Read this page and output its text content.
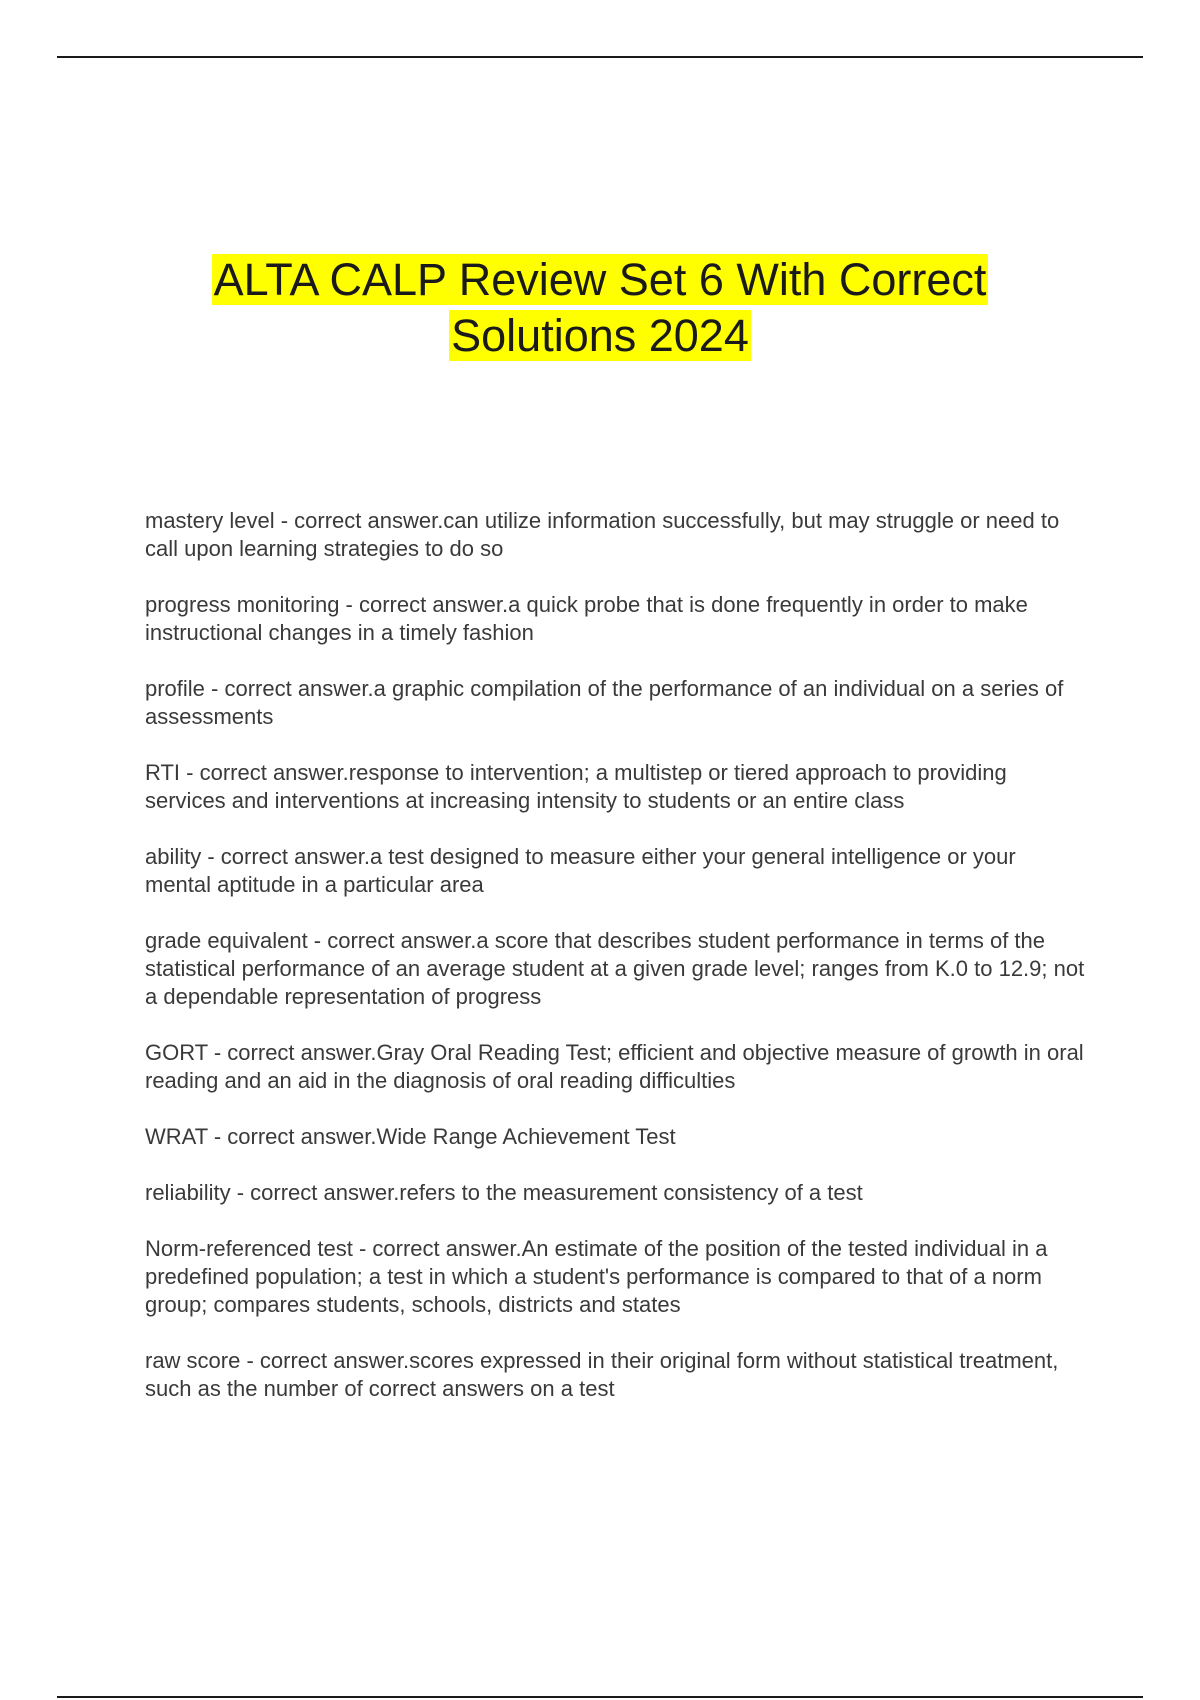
ALTA CALP Review Set 6 With Correct
Solutions 2024

mastery level - correct answer.can utilize information successfully, but may struggle or need to call upon learning strategies to do so

progress monitoring - correct answer.a quick probe that is done frequently in order to make instructional changes in a timely fashion

profile - correct answer.a graphic compilation of the performance of an individual on a series of assessments

RTI - correct answer.response to intervention; a multistep or tiered approach to providing services and interventions at increasing intensity to students or an entire class

ability - correct answer.a test designed to measure either your general intelligence or your mental aptitude in a particular area

grade equivalent - correct answer.a score that describes student performance in terms of the statistical performance of an average student at a given grade level; ranges from K.0 to 12.9; not a dependable representation of progress

GORT - correct answer.Gray Oral Reading Test; efficient and objective measure of growth in oral reading and an aid in the diagnosis of oral reading difficulties

WRAT - correct answer.Wide Range Achievement Test

reliability - correct answer.refers to the measurement consistency of a test

Norm-referenced test - correct answer.An estimate of the position of the tested individual in a predefined population; a test in which a student's performance is compared to that of a norm group; compares students, schools, districts and states

raw score - correct answer.scores expressed in their original form without statistical treatment, such as the number of correct answers on a test
